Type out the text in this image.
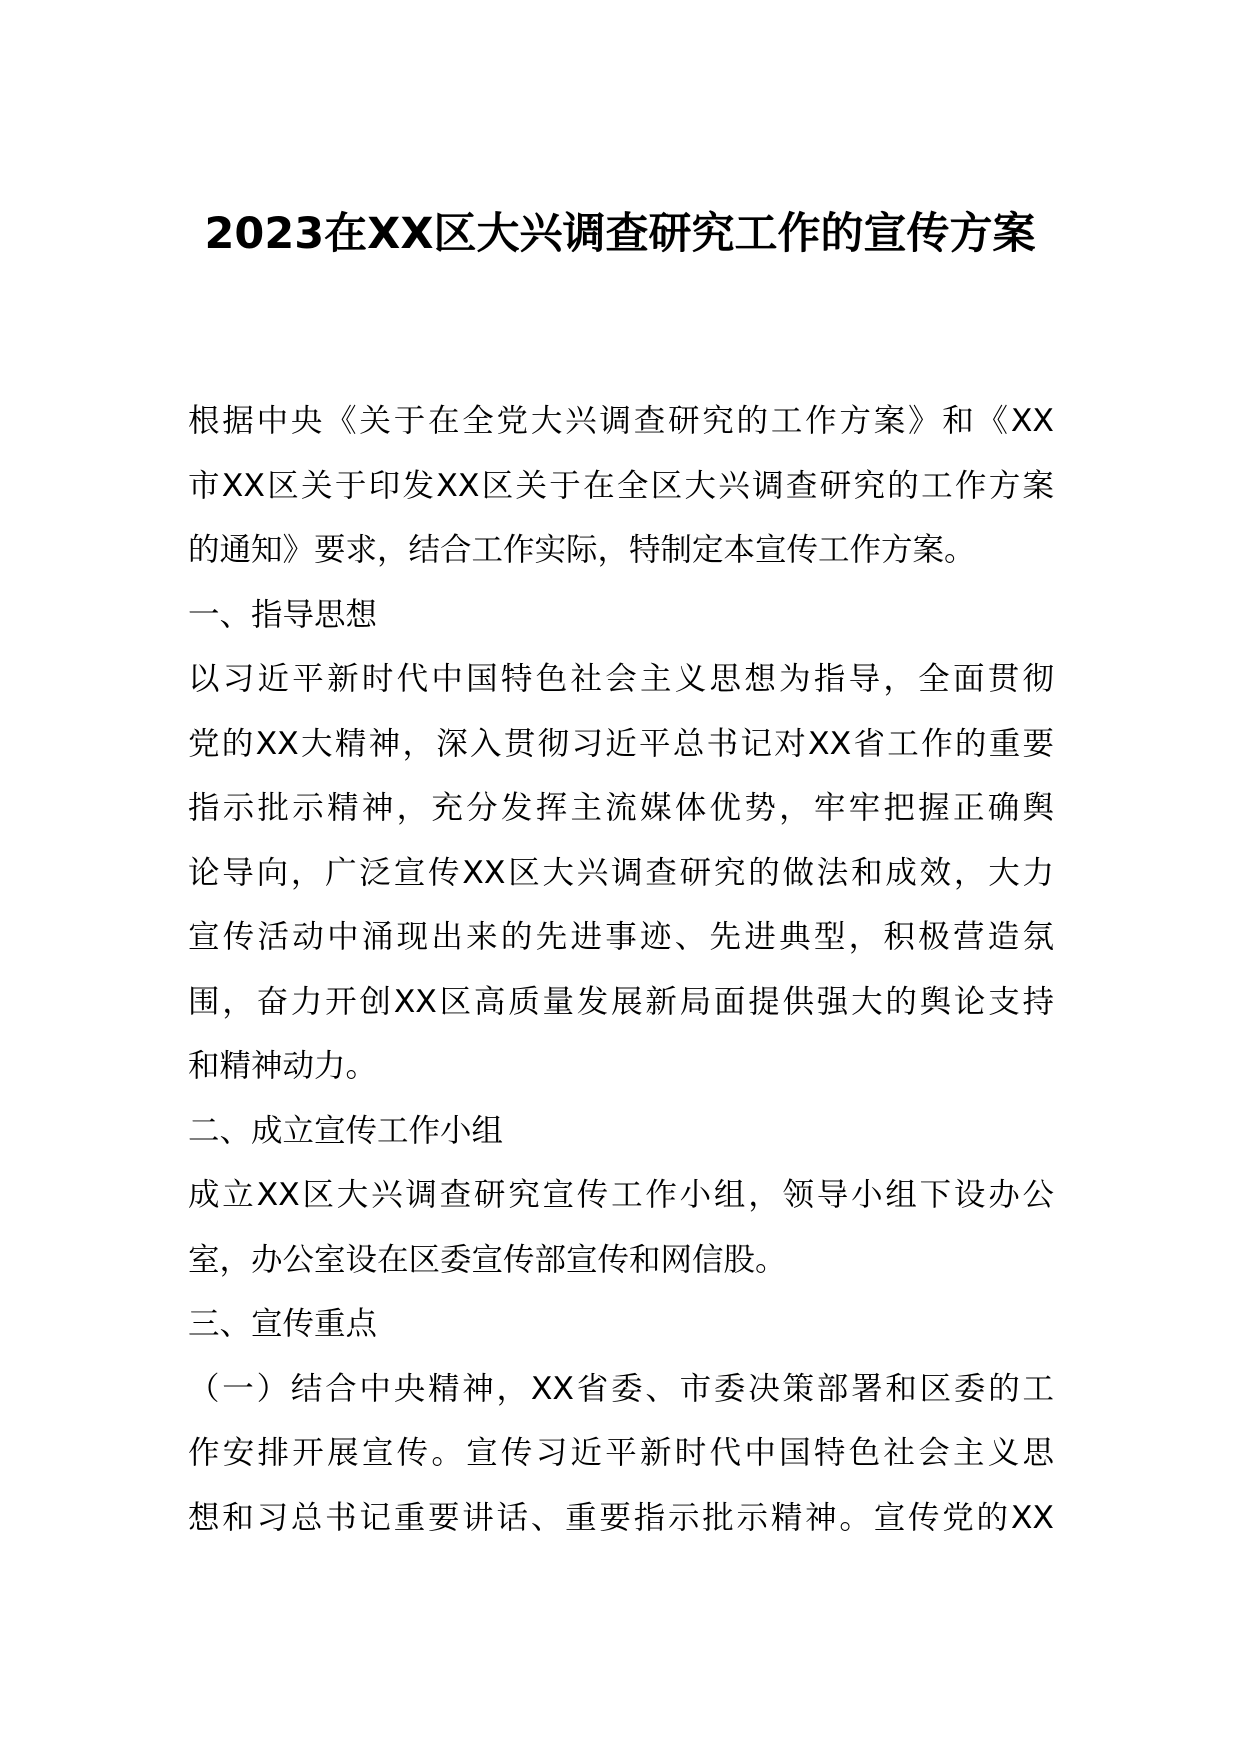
2023在XX区大兴调查研究工作的宣传方案
根据中央《关于在全党大兴调查研究的工作方案》和《XX
市XX区关于印发XX区关于在全区大兴调查研究的工作方案
的通知》要求，结合工作实际，特制定本宣传工作方案。
一、指导思想
以习近平新时代中国特色社会主义思想为指导，全面贯彻
党的XX大精神，深入贯彻习近平总书记对XX省工作的重要
指示批示精神，充分发挥主流媒体优势，牢牢把握正确舆
论导向，广泛宣传XX区大兴调查研究的做法和成效，大力
宣传活动中涌现出来的先进事迹、先进典型，积极营造氛
围，奋力开创XX区高质量发展新局面提供强大的舆论支持
和精神动力。
二、成立宣传工作小组
成立XX区大兴调查研究宣传工作小组，领导小组下设办公
室，办公室设在区委宣传部宣传和网信股。
三、宣传重点
（一）结合中央精神，XX省委、市委决策部署和区委的工
作安排开展宣传。宣传习近平新时代中国特色社会主义思
想和习总书记重要讲话、重要指示批示精神。宣传党的XX
